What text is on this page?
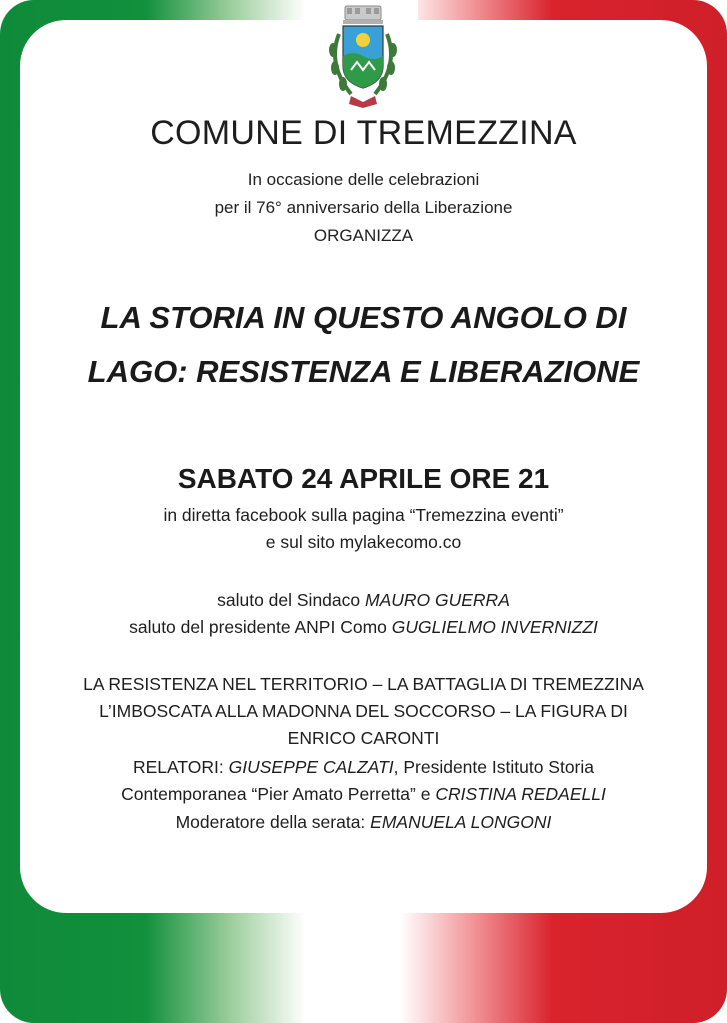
COMUNE DI TREMEZZINA
In occasione delle celebrazioni
per il 76° anniversario della Liberazione
ORGANIZZA
LA STORIA IN QUESTO ANGOLO DI
LAGO: RESISTENZA E LIBERAZIONE
SABATO 24 APRILE ORE 21
in diretta facebook sulla pagina “Tremezzina eventi”
e sul sito mylakecomo.co
saluto del Sindaco MAURO GUERRA
saluto del presidente ANPI Como GUGLIELMO INVERNIZZI
LA RESISTENZA NEL TERRITORIO – LA BATTAGLIA DI TREMEZZINA
L’IMBOSCATA ALLA MADONNA DEL SOCCORSO – LA FIGURA DI
ENRICO CARONTI
RELATORI: GIUSEPPE CALZATI, Presidente Istituto Storia
Contemporanea “Pier Amato Perretta” e CRISTINA REDAELLI
Moderatore della serata: EMANUELA LONGONI
